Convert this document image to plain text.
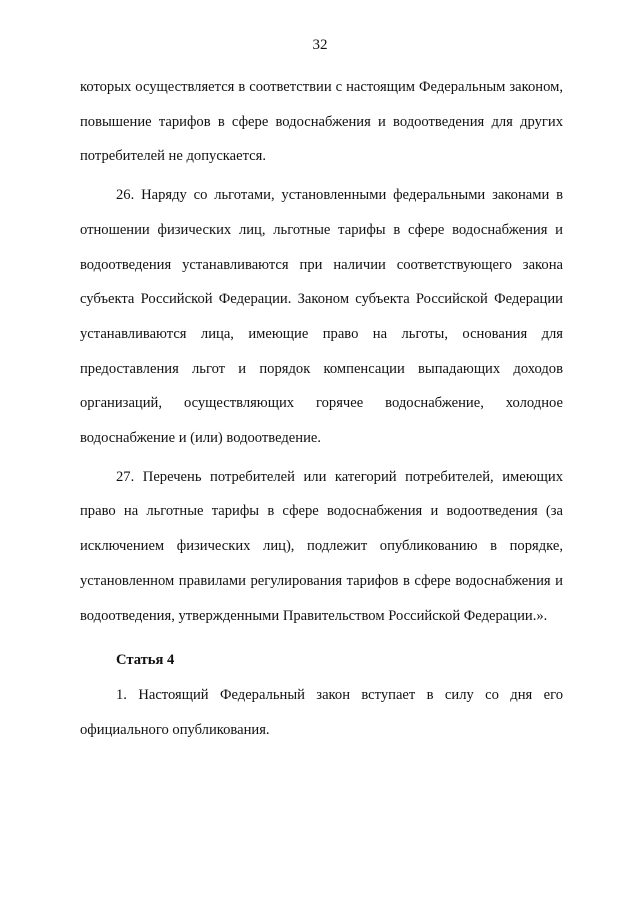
32

которых осуществляется в соответствии с настоящим Федеральным законом, повышение тарифов в сфере водоснабжения и водоотведения для других потребителей не допускается.

26. Наряду со льготами, установленными федеральными законами в отношении физических лиц, льготные тарифы в сфере водоснабжения и водоотведения устанавливаются при наличии соответствующего закона субъекта Российской Федерации. Законом субъекта Российской Федерации устанавливаются лица, имеющие право на льготы, основания для предоставления льгот и порядок компенсации выпадающих доходов организаций, осуществляющих горячее водоснабжение, холодное водоснабжение и (или) водоотведение.

27. Перечень потребителей или категорий потребителей, имеющих право на льготные тарифы в сфере водоснабжения и водоотведения (за исключением физических лиц), подлежит опубликованию в порядке, установленном правилами регулирования тарифов в сфере водоснабжения и водоотведения, утвержденными Правительством Российской Федерации.».

Статья 4

1. Настоящий Федеральный закон вступает в силу со дня его официального опубликования.
